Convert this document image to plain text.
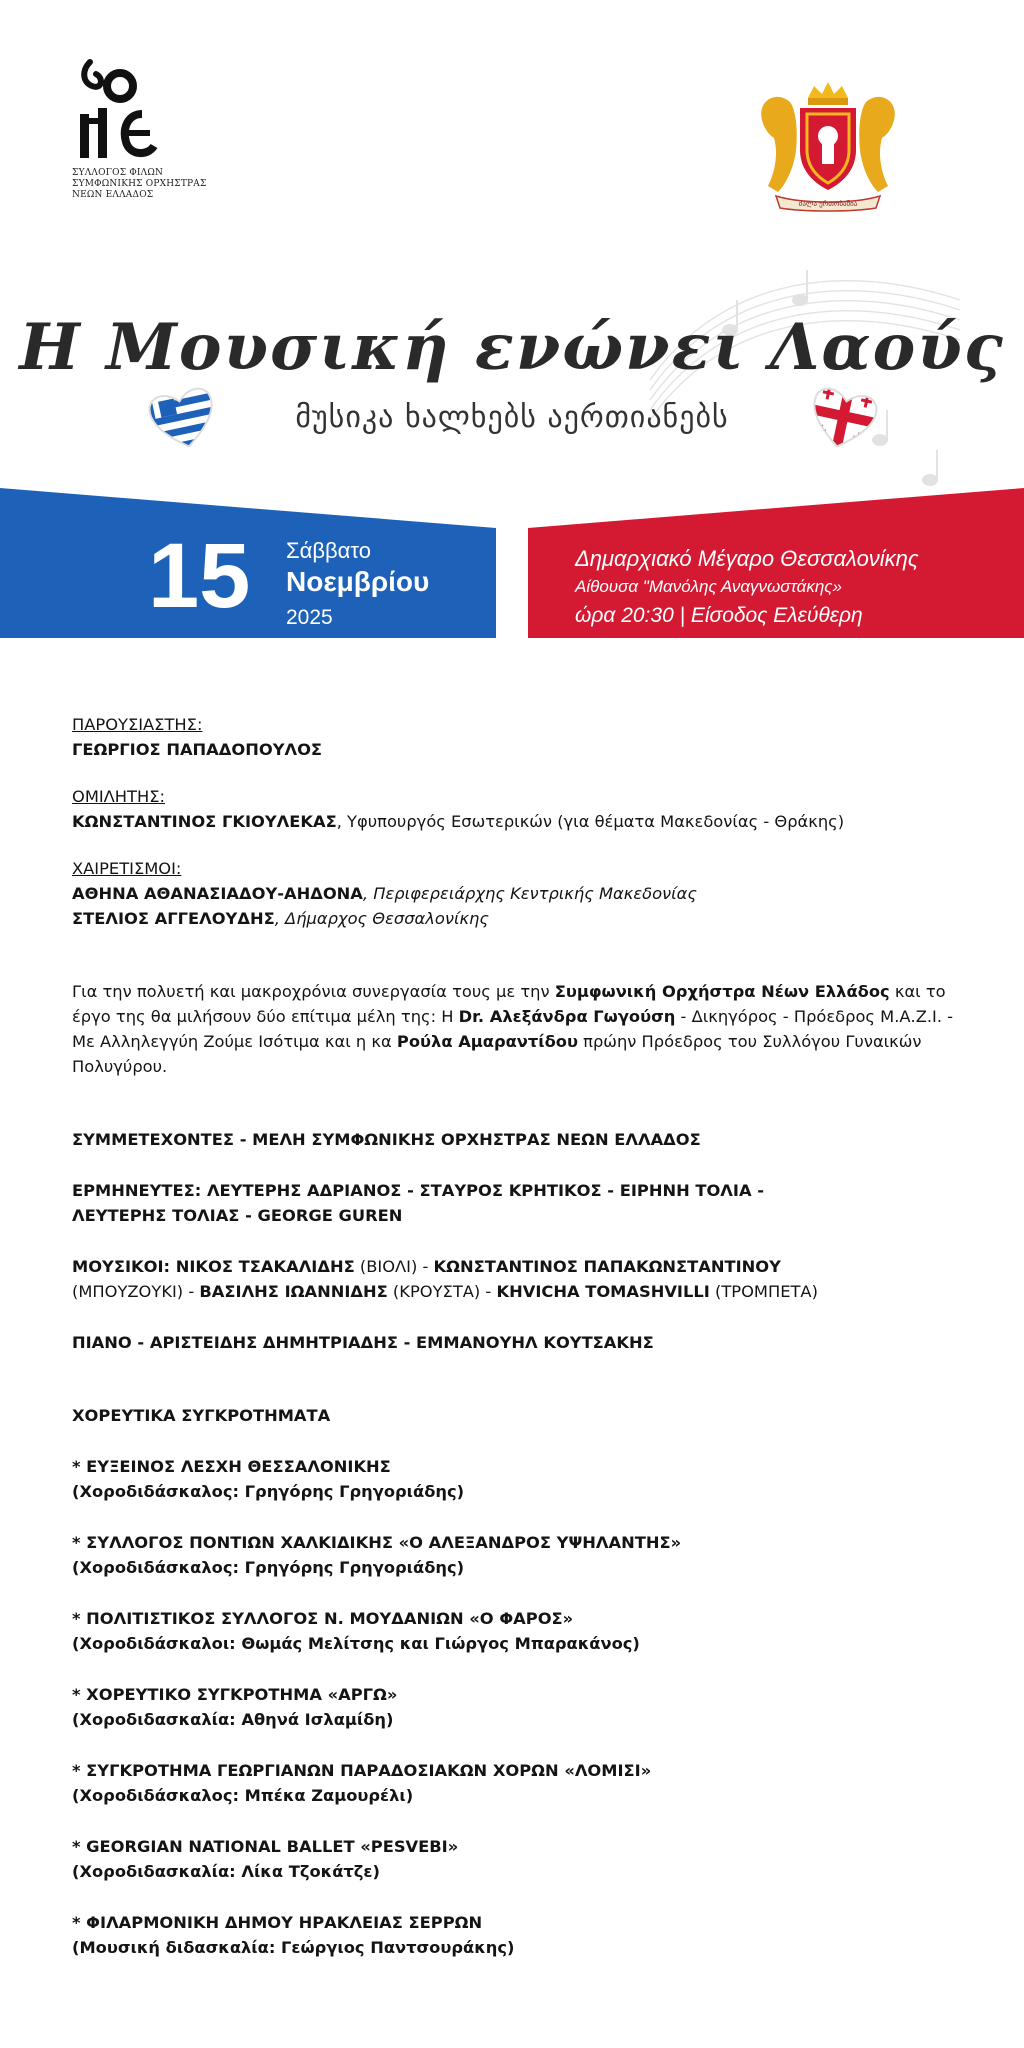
ΣΥΛΛΟΓΟΣ ΦΙΛΩΝ
ΣΥΜΦΩΝΙΚΗΣ ΟΡΧΗΣΤΡΑΣ
ΝΕΩΝ ΕΛΛΑΔΟΣ
ძალა ერთობაშია
Η Μουσική ενώνει Λαούς
მუსიკა ხალხებს აერთიანებს
15 Σάββατο
Νοεμβρίου
2025
Δημαρχιακό Μέγαρο Θεσσαλονίκης
Αίθουσα "Μανόλης Αναγνωστάκης»
ώρα 20:30 | Είσοδος Ελεύθερη
ΠΑΡΟΥΣΙΑΣΤΗΣ:
ΓΕΩΡΓΙΟΣ ΠΑΠΑΔΟΠΟΥΛΟΣ
ΟΜΙΛΗΤΗΣ:
ΚΩΝΣΤΑΝΤΙΝΟΣ ΓΚΙΟΥΛΕΚΑΣ, Υφυπουργός Εσωτερικών (για θέματα Μακεδονίας - Θράκης)
ΧΑΙΡΕΤΙΣΜΟΙ:
ΑΘΗΝΑ ΑΘΑΝΑΣΙΑΔΟΥ-ΑΗΔΟΝΑ, Περιφερειάρχης Κεντρικής Μακεδονίας
ΣΤΕΛΙΟΣ ΑΓΓΕΛΟΥΔΗΣ, Δήμαρχος Θεσσαλονίκης
Για την πολυετή και μακροχρόνια συνεργασία τους με την Συμφωνική Ορχήστρα Νέων Ελλάδος και το έργο της θα μιλήσουν δύο επίτιμα μέλη της: Η Dr. Αλεξάνδρα Γωγούση - Δικηγόρος - Πρόεδρος Μ.Α.Ζ.Ι. - Με Αλληλεγγύη Ζούμε Ισότιμα και η κα Ρούλα Αμαραντίδου πρώην Πρόεδρος του Συλλόγου Γυναικών Πολυγύρου.
ΣΥΜΜΕΤΕΧΟΝΤΕΣ - ΜΕΛΗ ΣΥΜΦΩΝΙΚΗΣ ΟΡΧΗΣΤΡΑΣ ΝΕΩΝ ΕΛΛΑΔΟΣ
ΕΡΜΗΝΕΥΤΕΣ: ΛΕΥΤΕΡΗΣ ΑΔΡΙΑΝΟΣ - ΣΤΑΥΡΟΣ ΚΡΗΤΙΚΟΣ - ΕΙΡΗΝΗ ΤΟΛΙΑ -
ΛΕΥΤΕΡΗΣ ΤΟΛΙΑΣ - GEORGE GUREN
ΜΟΥΣΙΚΟΙ: ΝΙΚΟΣ ΤΣΑΚΑΛΙΔΗΣ (ΒΙΟΛΙ) - ΚΩΝΣΤΑΝΤΙΝΟΣ ΠΑΠΑΚΩΝΣΤΑΝΤΙΝΟΥ
(ΜΠΟΥΖΟΥΚΙ) - ΒΑΣΙΛΗΣ ΙΩΑΝΝΙΔΗΣ (ΚΡΟΥΣΤΑ) - KHVICHA TOMASHVILLI (ΤΡΟΜΠΕΤΑ)
ΠΙΑΝΟ - ΑΡΙΣΤΕΙΔΗΣ ΔΗΜΗΤΡΙΑΔΗΣ - ΕΜΜΑΝΟΥΗΛ ΚΟΥΤΣΑΚΗΣ
ΧΟΡΕΥΤΙΚΑ ΣΥΓΚΡΟΤΗΜΑΤΑ
* ΕΥΞΕΙΝΟΣ ΛΕΣΧΗ ΘΕΣΣΑΛΟΝΙΚΗΣ
(Χοροδιδάσκαλος: Γρηγόρης Γρηγοριάδης)
* ΣΥΛΛΟΓΟΣ ΠΟΝΤΙΩΝ ΧΑΛΚΙΔΙΚΗΣ «Ο ΑΛΕΞΑΝΔΡΟΣ ΥΨΗΛΑΝΤΗΣ»
(Χοροδιδάσκαλος: Γρηγόρης Γρηγοριάδης)
* ΠΟΛΙΤΙΣΤΙΚΟΣ ΣΥΛΛΟΓΟΣ Ν. ΜΟΥΔΑΝΙΩΝ «Ο ΦΑΡΟΣ»
(Χοροδιδάσκαλοι: Θωμάς Μελίτσης και Γιώργος Μπαρακάνος)
* ΧΟΡΕΥΤΙΚΟ ΣΥΓΚΡΟΤΗΜΑ «ΑΡΓΩ»
(Χοροδιδασκαλία: Αθηνά Ισλαμίδη)
* ΣΥΓΚΡΟΤΗΜΑ ΓΕΩΡΓΙΑΝΩΝ ΠΑΡΑΔΟΣΙΑΚΩΝ ΧΟΡΩΝ «ΛΟΜΙΣΙ»
(Χοροδιδάσκαλος: Μπέκα Ζαμουρέλι)
* GEORGIAN NATIONAL BALLET «PESVEBI»
(Χοροδιδασκαλία: Λίκα Τζοκάτζε)
* ΦΙΛΑΡΜΟΝΙΚΗ ΔΗΜΟΥ ΗΡΑΚΛΕΙΑΣ ΣΕΡΡΩΝ
(Μουσική διδασκαλία: Γεώργιος Παντσουράκης)
